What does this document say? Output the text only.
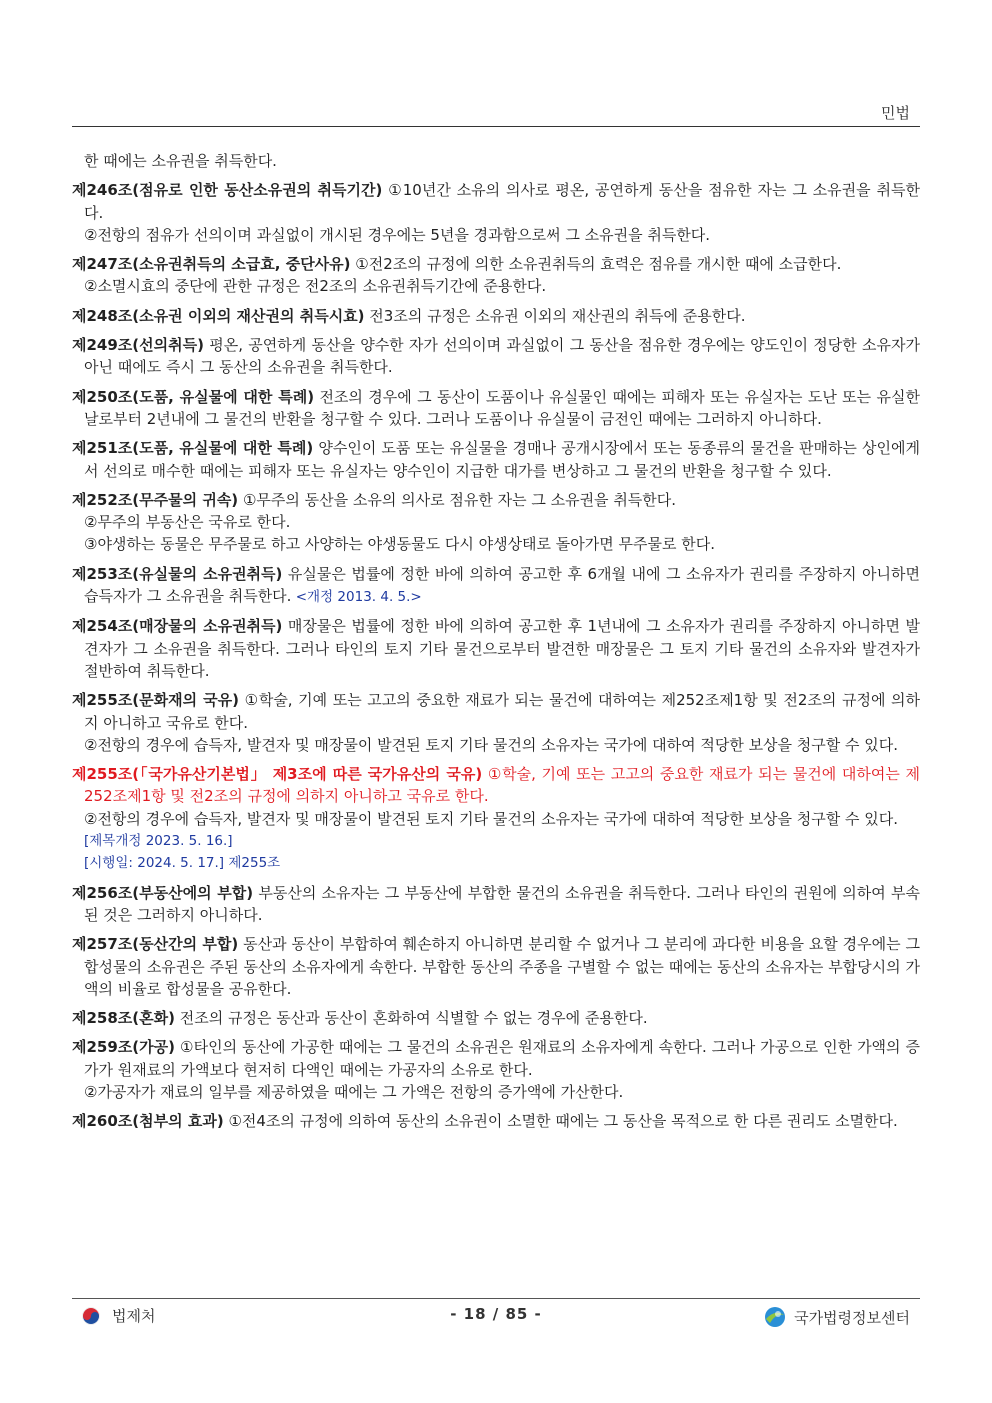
민법
한 때에는 소유권을 취득한다.
제246조(점유로 인한 동산소유권의 취득기간) ①10년간 소유의 의사로 평온, 공연하게 동산을 점유한 자는 그 소유권을 취득한다.
②전항의 점유가 선의이며 과실없이 개시된 경우에는 5년을 경과함으로써 그 소유권을 취득한다.
제247조(소유권취득의 소급효, 중단사유) ①전2조의 규정에 의한 소유권취득의 효력은 점유를 개시한 때에 소급한다.
②소멸시효의 중단에 관한 규정은 전2조의 소유권취득기간에 준용한다.
제248조(소유권 이외의 재산권의 취득시효) 전3조의 규정은 소유권 이외의 재산권의 취득에 준용한다.
제249조(선의취득) 평온, 공연하게 동산을 양수한 자가 선의이며 과실없이 그 동산을 점유한 경우에는 양도인이 정당한 소유자가 아닌 때에도 즉시 그 동산의 소유권을 취득한다.
제250조(도품, 유실물에 대한 특례) 전조의 경우에 그 동산이 도품이나 유실물인 때에는 피해자 또는 유실자는 도난 또는 유실한 날로부터 2년내에 그 물건의 반환을 청구할 수 있다. 그러나 도품이나 유실물이 금전인 때에는 그러하지 아니하다.
제251조(도품, 유실물에 대한 특례) 양수인이 도품 또는 유실물을 경매나 공개시장에서 또는 동종류의 물건을 판매하는 상인에게서 선의로 매수한 때에는 피해자 또는 유실자는 양수인이 지급한 대가를 변상하고 그 물건의 반환을 청구할 수 있다.
제252조(무주물의 귀속) ①무주의 동산을 소유의 의사로 점유한 자는 그 소유권을 취득한다.
②무주의 부동산은 국유로 한다.
③야생하는 동물은 무주물로 하고 사양하는 야생동물도 다시 야생상태로 돌아가면 무주물로 한다.
제253조(유실물의 소유권취득) 유실물은 법률에 정한 바에 의하여 공고한 후 6개월 내에 그 소유자가 권리를 주장하지 아니하면 습득자가 그 소유권을 취득한다. <개정 2013. 4. 5.>
제254조(매장물의 소유권취득) 매장물은 법률에 정한 바에 의하여 공고한 후 1년내에 그 소유자가 권리를 주장하지 아니하면 발견자가 그 소유권을 취득한다. 그러나 타인의 토지 기타 물건으로부터 발견한 매장물은 그 토지 기타 물건의 소유자와 발견자가 절반하여 취득한다.
제255조(문화재의 국유) ①학술, 기예 또는 고고의 중요한 재료가 되는 물건에 대하여는 제252조제1항 및 전2조의 규정에 의하지 아니하고 국유로 한다.
②전항의 경우에 습득자, 발견자 및 매장물이 발견된 토지 기타 물건의 소유자는 국가에 대하여 적당한 보상을 청구할 수 있다.
제255조(「국가유산기본법」 제3조에 따른 국가유산의 국유) ①학술, 기예 또는 고고의 중요한 재료가 되는 물건에 대하여는 제252조제1항 및 전2조의 규정에 의하지 아니하고 국유로 한다.
②전항의 경우에 습득자, 발견자 및 매장물이 발견된 토지 기타 물건의 소유자는 국가에 대하여 적당한 보상을 청구할 수 있다.
[제목개정 2023. 5. 16.]
[시행일: 2024. 5. 17.] 제255조
제256조(부동산에의 부합) 부동산의 소유자는 그 부동산에 부합한 물건의 소유권을 취득한다. 그러나 타인의 권원에 의하여 부속된 것은 그러하지 아니하다.
제257조(동산간의 부합) 동산과 동산이 부합하여 훼손하지 아니하면 분리할 수 없거나 그 분리에 과다한 비용을 요할 경우에는 그 합성물의 소유권은 주된 동산의 소유자에게 속한다. 부합한 동산의 주종을 구별할 수 없는 때에는 동산의 소유자는 부합당시의 가액의 비율로 합성물을 공유한다.
제258조(혼화) 전조의 규정은 동산과 동산이 혼화하여 식별할 수 없는 경우에 준용한다.
제259조(가공) ①타인의 동산에 가공한 때에는 그 물건의 소유권은 원재료의 소유자에게 속한다. 그러나 가공으로 인한 가액의 증가가 원재료의 가액보다 현저히 다액인 때에는 가공자의 소유로 한다.
②가공자가 재료의 일부를 제공하였을 때에는 그 가액은 전항의 증가액에 가산한다.
제260조(첨부의 효과) ①전4조의 규정에 의하여 동산의 소유권이 소멸한 때에는 그 동산을 목적으로 한 다른 권리도 소멸한다.
법제처	- 18 / 85 -	국가법령정보센터
